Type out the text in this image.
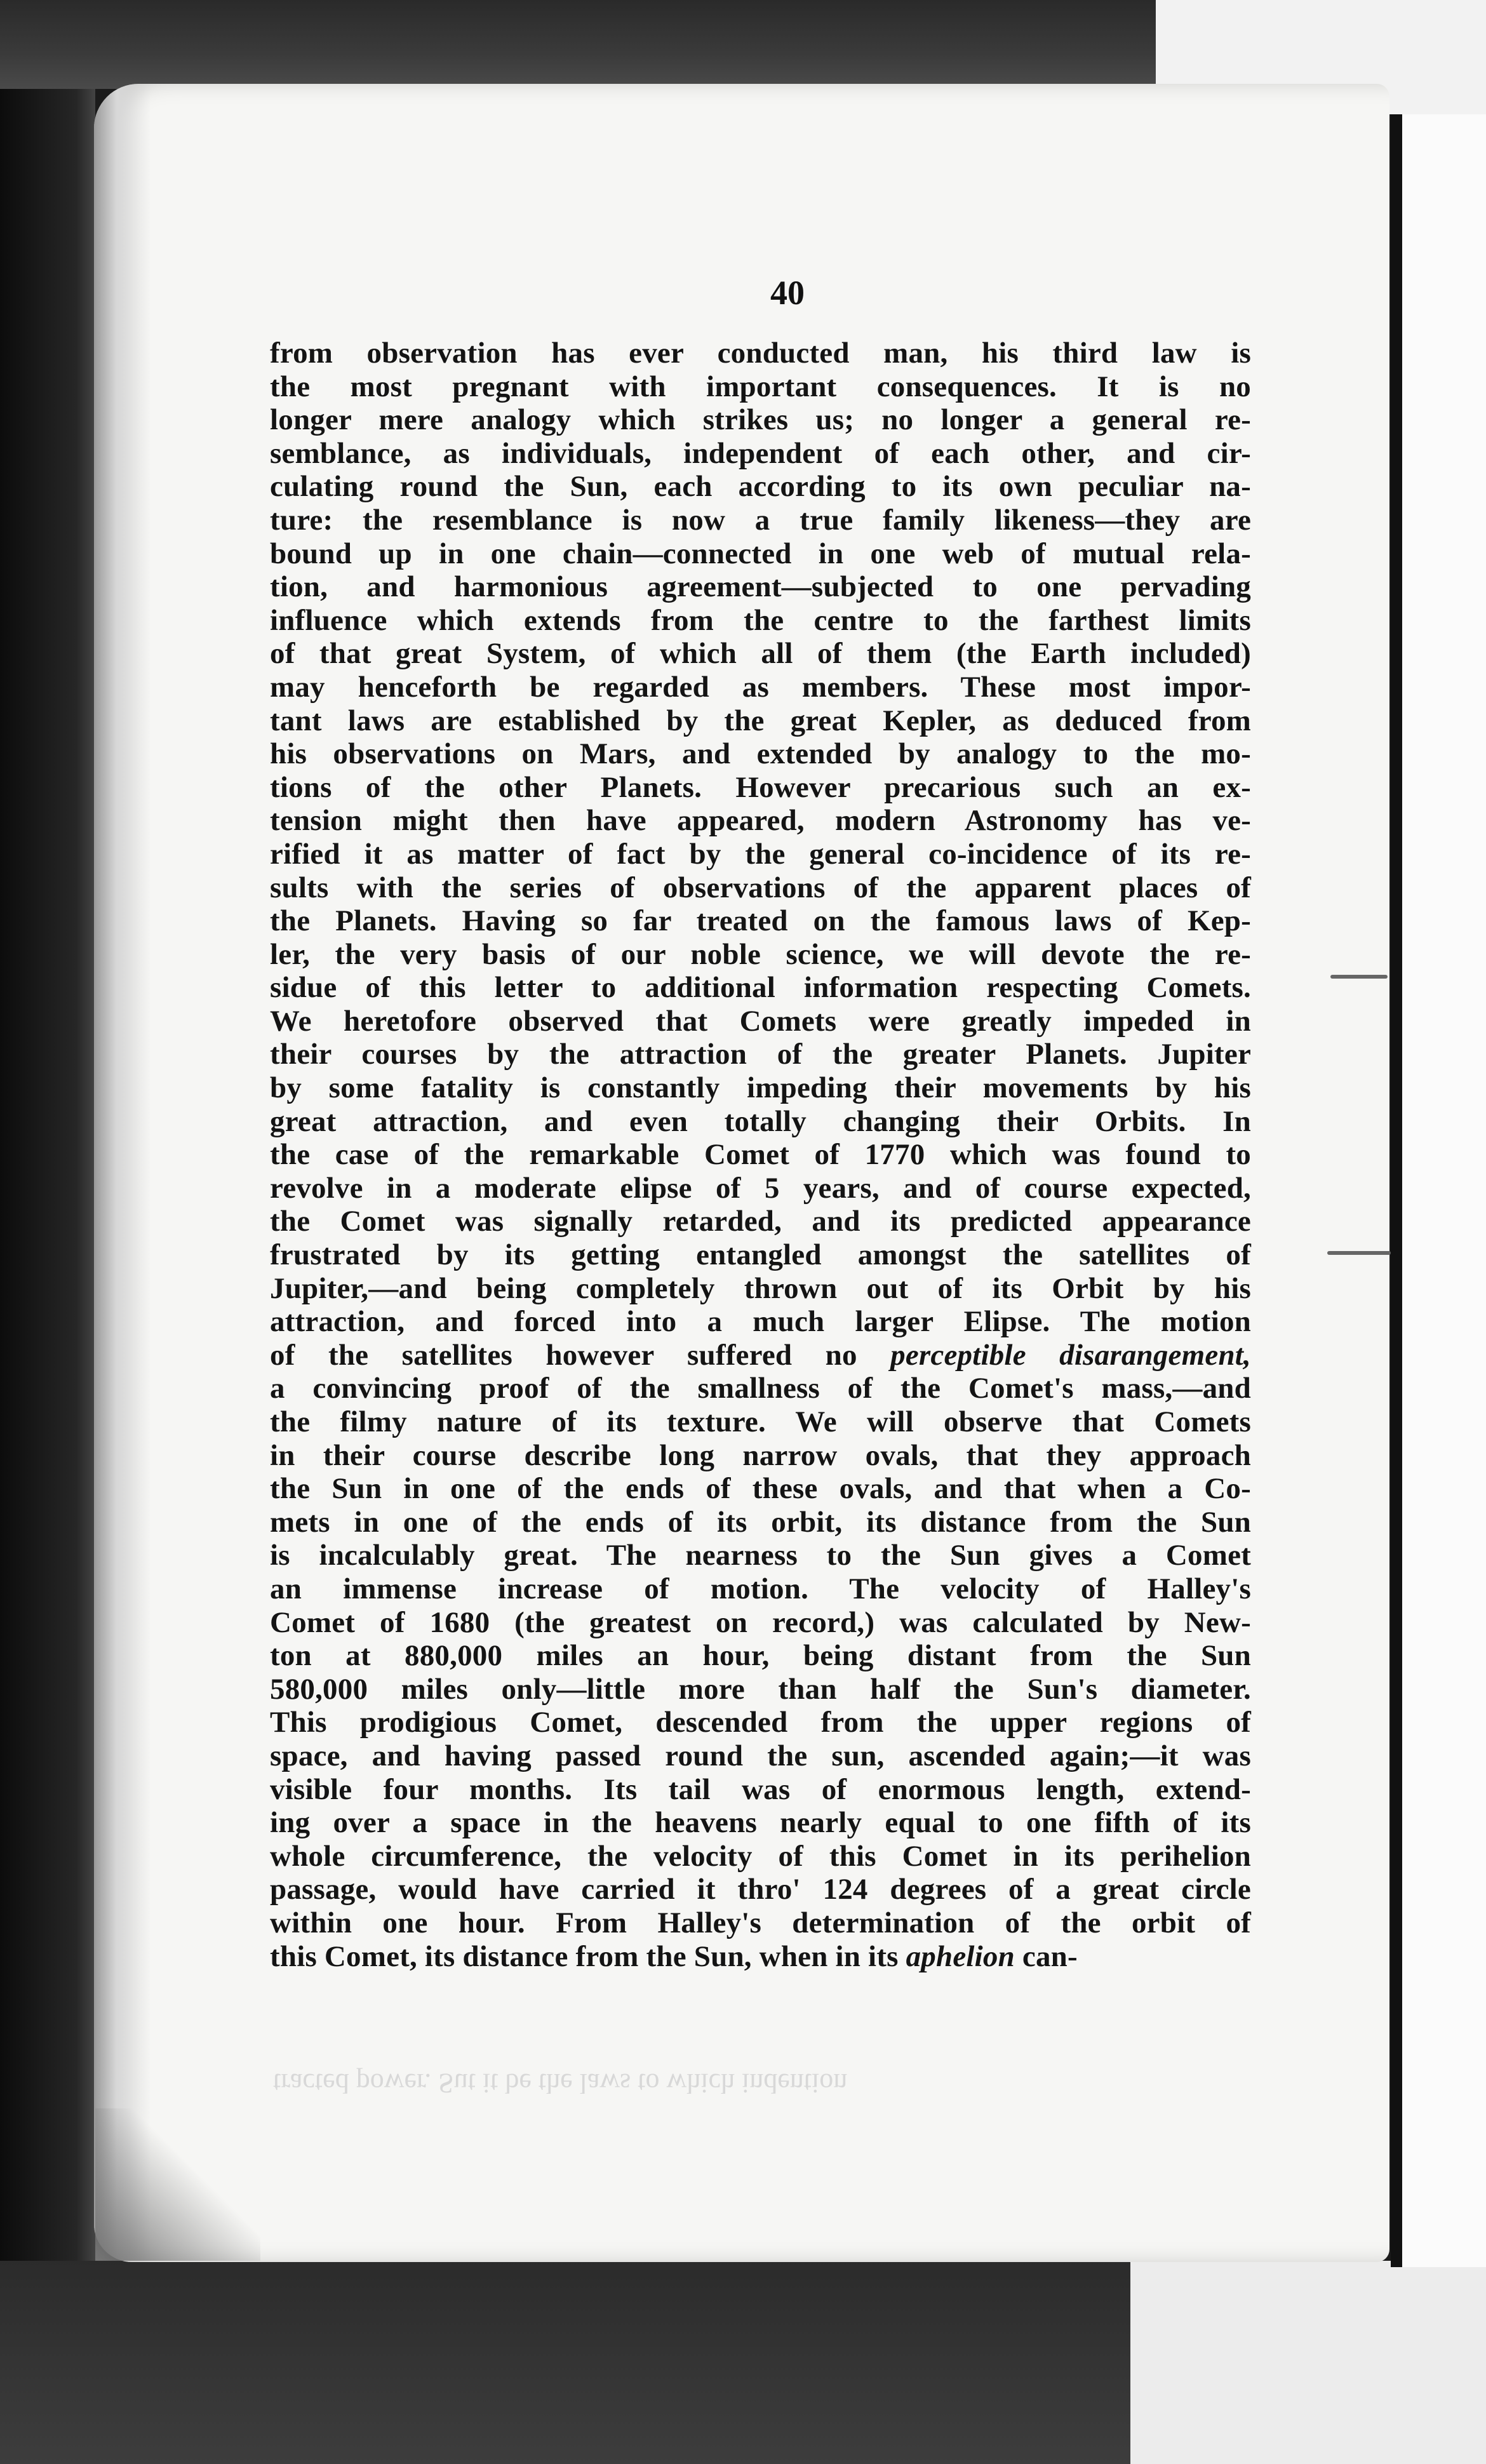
40
from observation has ever conducted man, his third law is
the most pregnant with important consequences. It is no
longer mere analogy which strikes us; no longer a general re-
semblance, as individuals, independent of each other, and cir-
culating round the Sun, each according to its own peculiar na-
ture: the resemblance is now a true family likeness—they are
bound up in one chain—connected in one web of mutual rela-
tion, and harmonious agreement—subjected to one pervading
influence which extends from the centre to the farthest limits
of that great System, of which all of them (the Earth included)
may henceforth be regarded as members. These most impor-
tant laws are established by the great Kepler, as deduced from
his observations on Mars, and extended by analogy to the mo-
tions of the other Planets. However precarious such an ex-
tension might then have appeared, modern Astronomy has ve-
rified it as matter of fact by the general co-incidence of its re-
sults with the series of observations of the apparent places of
the Planets. Having so far treated on the famous laws of Kep-
ler, the very basis of our noble science, we will devote the re-
sidue of this letter to additional information respecting Comets.
We heretofore observed that Comets were greatly impeded in
their courses by the attraction of the greater Planets. Jupiter
by some fatality is constantly impeding their movements by his
great attraction, and even totally changing their Orbits. In
the case of the remarkable Comet of 1770 which was found to
revolve in a moderate elipse of 5 years, and of course expected,
the Comet was signally retarded, and its predicted appearance
frustrated by its getting entangled amongst the satellites of
Jupiter,—and being completely thrown out of its Orbit by his
attraction, and forced into a much larger Elipse. The motion
of the satellites however suffered no perceptible disarangement,
a convincing proof of the smallness of the Comet's mass,—and
the filmy nature of its texture. We will observe that Comets
in their course describe long narrow ovals, that they approach
the Sun in one of the ends of these ovals, and that when a Co-
mets in one of the ends of its orbit, its distance from the Sun
is incalculably great. The nearness to the Sun gives a Comet
an immense increase of motion. The velocity of Halley's
Comet of 1680 (the greatest on record,) was calculated by New-
ton at 880,000 miles an hour, being distant from the Sun
580,000 miles only—little more than half the Sun's diameter.
This prodigious Comet, descended from the upper regions of
space, and having passed round the sun, ascended again;—it was
visible four months. Its tail was of enormous length, extend-
ing over a space in the heavens nearly equal to one fifth of its
whole circumference, the velocity of this Comet in its perihelion
passage, would have carried it thro' 124 degrees of a great circle
within one hour. From Halley's determination of the orbit of
this Comet, its distance from the Sun, when in its aphelion can-
tracted power. Sut it be the laws to which indention
